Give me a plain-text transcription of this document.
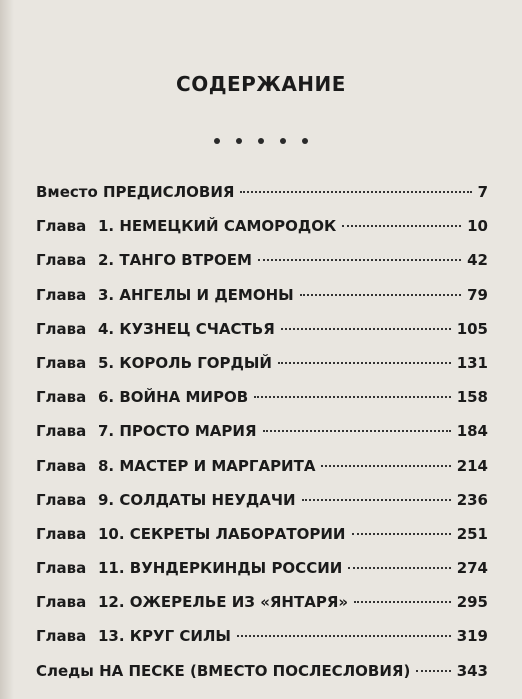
СОДЕРЖАНИЕ
Вместо ПРЕДИСЛОВИЯ	7
Глава 1. НЕМЕЦКИЙ САМОРОДОК	10
Глава 2. ТАНГО ВТРОЕМ	42
Глава 3. АНГЕЛЫ И ДЕМОНЫ	79
Глава 4. КУЗНЕЦ СЧАСТЬЯ	105
Глава 5. КОРОЛЬ ГОРДЫЙ	131
Глава 6. ВОЙНА МИРОВ	158
Глава 7. ПРОСТО МАРИЯ	184
Глава 8. МАСТЕР И МАРГАРИТА	214
Глава 9. СОЛДАТЫ НЕУДАЧИ	236
Глава 10. СЕКРЕТЫ ЛАБОРАТОРИИ	251
Глава 11. ВУНДЕРКИНДЫ РОССИИ	274
Глава 12. ОЖЕРЕЛЬЕ ИЗ «ЯНТАРЯ»	295
Глава 13. КРУГ СИЛЫ	319
Следы НА ПЕСКЕ (ВМЕСТО ПОСЛЕСЛОВИЯ)	343
